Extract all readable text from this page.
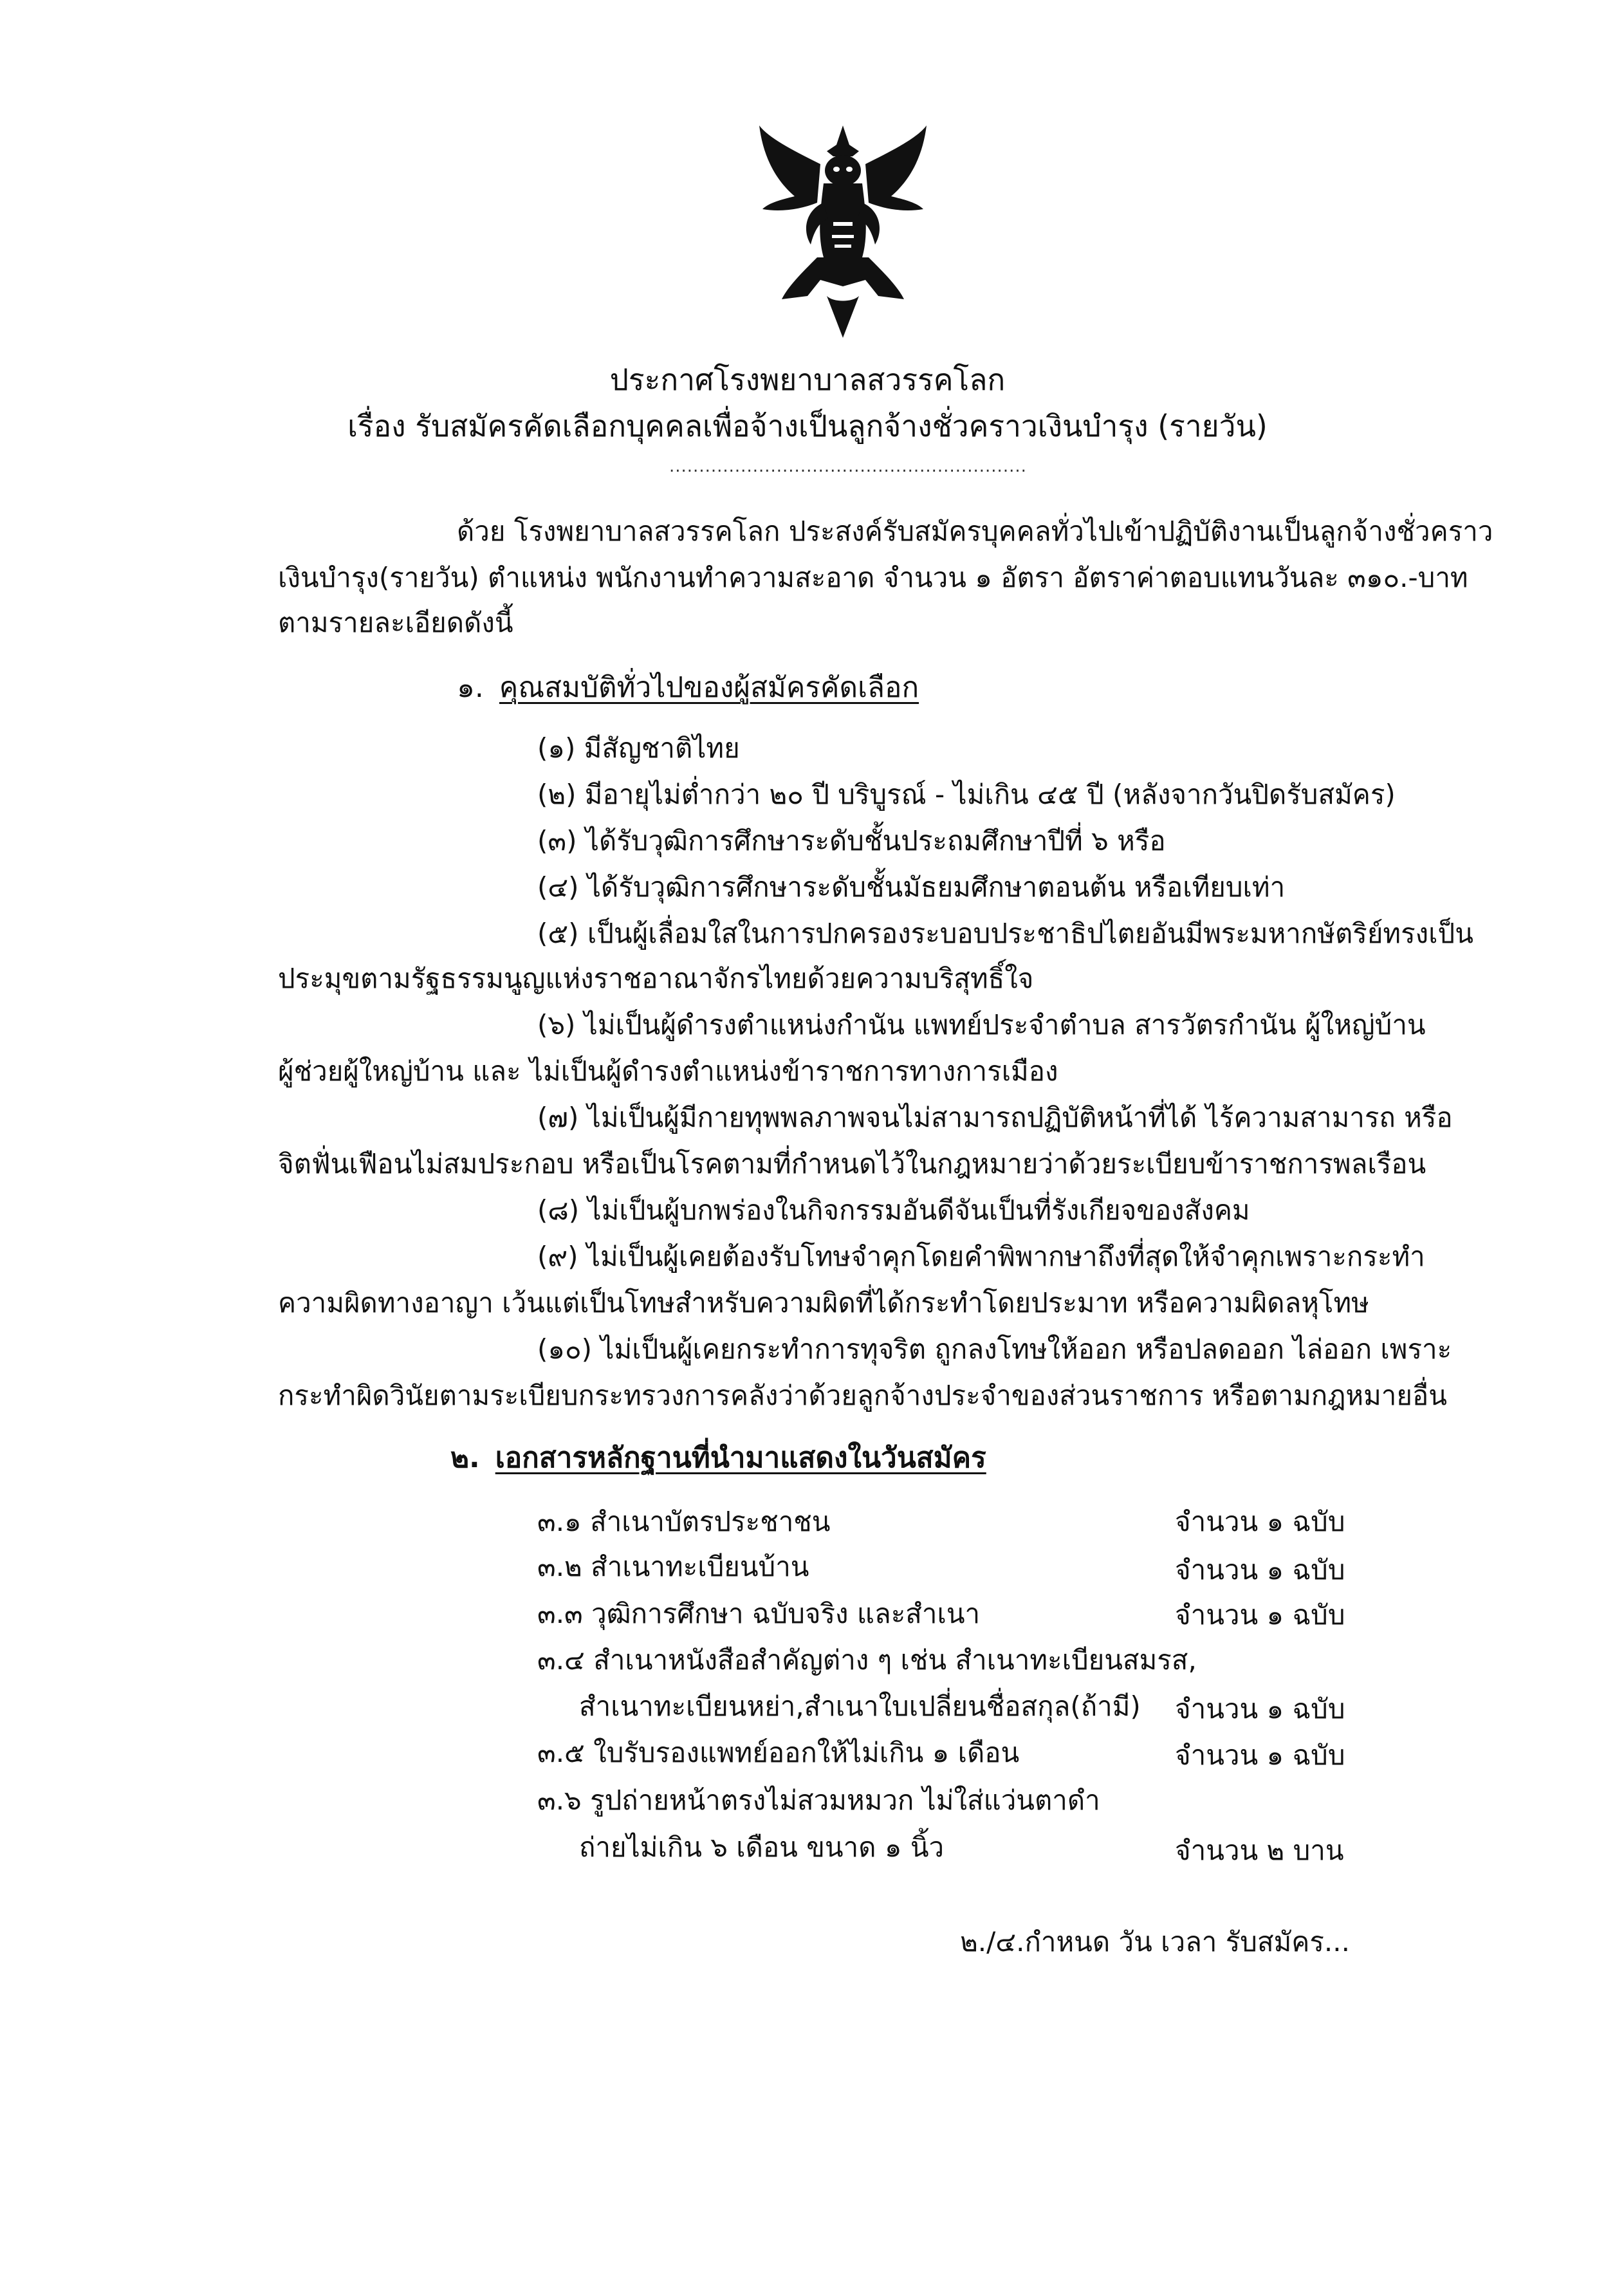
ประกาศโรงพยาบาลสวรรคโลก
เรื่อง รับสมัครคัดเลือกบุคคลเพื่อจ้างเป็นลูกจ้างชั่วคราวเงินบำรุง (รายวัน)
............................................................
ด้วย โรงพยาบาลสวรรคโลก ประสงค์รับสมัครบุคคลทั่วไปเข้าปฏิบัติงานเป็นลูกจ้างชั่วคราว
เงินบำรุง(รายวัน) ตำแหน่ง พนักงานทำความสะอาด จำนวน ๑ อัตรา อัตราค่าตอบแทนวันละ ๓๑๐.-บาท
ตามรายละเอียดดังนี้
๑. คุณสมบัติทั่วไปของผู้สมัครคัดเลือก
(๑) มีสัญชาติไทย
(๒) มีอายุไม่ต่ำกว่า ๒๐ ปี บริบูรณ์ - ไม่เกิน ๔๕ ปี (หลังจากวันปิดรับสมัคร)
(๓) ได้รับวุฒิการศึกษาระดับชั้นประถมศึกษาปีที่ ๖ หรือ
(๔) ได้รับวุฒิการศึกษาระดับชั้นมัธยมศึกษาตอนต้น หรือเทียบเท่า
(๕) เป็นผู้เลื่อมใสในการปกครองระบอบประชาธิปไตยอันมีพระมหากษัตริย์ทรงเป็น
ประมุขตามรัฐธรรมนูญแห่งราชอาณาจักรไทยด้วยความบริสุทธิ์ใจ
(๖) ไม่เป็นผู้ดำรงตำแหน่งกำนัน แพทย์ประจำตำบล สารวัตรกำนัน ผู้ใหญ่บ้าน
ผู้ช่วยผู้ใหญ่บ้าน และ ไม่เป็นผู้ดำรงตำแหน่งข้าราชการทางการเมือง
(๗) ไม่เป็นผู้มีกายทุพพลภาพจนไม่สามารถปฏิบัติหน้าที่ได้ ไร้ความสามารถ หรือ
จิตฟั่นเฟือนไม่สมประกอบ หรือเป็นโรคตามที่กำหนดไว้ในกฎหมายว่าด้วยระเบียบข้าราชการพลเรือน
(๘) ไม่เป็นผู้บกพร่องในกิจกรรมอันดีจันเป็นที่รังเกียจของสังคม
(๙) ไม่เป็นผู้เคยต้องรับโทษจำคุกโดยคำพิพากษาถึงที่สุดให้จำคุกเพราะกระทำ
ความผิดทางอาญา เว้นแต่เป็นโทษสำหรับความผิดที่ได้กระทำโดยประมาท หรือความผิดลหุโทษ
(๑๐) ไม่เป็นผู้เคยกระทำการทุจริต ถูกลงโทษให้ออก หรือปลดออก ไล่ออก เพราะ
กระทำผิดวินัยตามระเบียบกระทรวงการคลังว่าด้วยลูกจ้างประจำของส่วนราชการ หรือตามกฎหมายอื่น
๒. เอกสารหลักฐานที่นำมาแสดงในวันสมัคร
๓.๑ สำเนาบัตรประชาชน	จำนวน ๑ ฉบับ
๓.๒ สำเนาทะเบียนบ้าน	จำนวน ๑ ฉบับ
๓.๓ วุฒิการศึกษา ฉบับจริง และสำเนา	จำนวน ๑ ฉบับ
๓.๔ สำเนาหนังสือสำคัญต่าง ๆ เช่น สำเนาทะเบียนสมรส,
สำเนาทะเบียนหย่า,สำเนาใบเปลี่ยนชื่อสกุล(ถ้ามี) จำนวน ๑ ฉบับ
๓.๕ ใบรับรองแพทย์ออกให้ไม่เกิน ๑ เดือน	จำนวน ๑ ฉบับ
๓.๖ รูปถ่ายหน้าตรงไม่สวมหมวก ไม่ใส่แว่นตาดำ
ถ่ายไม่เกิน ๖ เดือน ขนาด ๑ นิ้ว	จำนวน ๒ บาน
๒./๔.กำหนด วัน เวลา รับสมัคร...
